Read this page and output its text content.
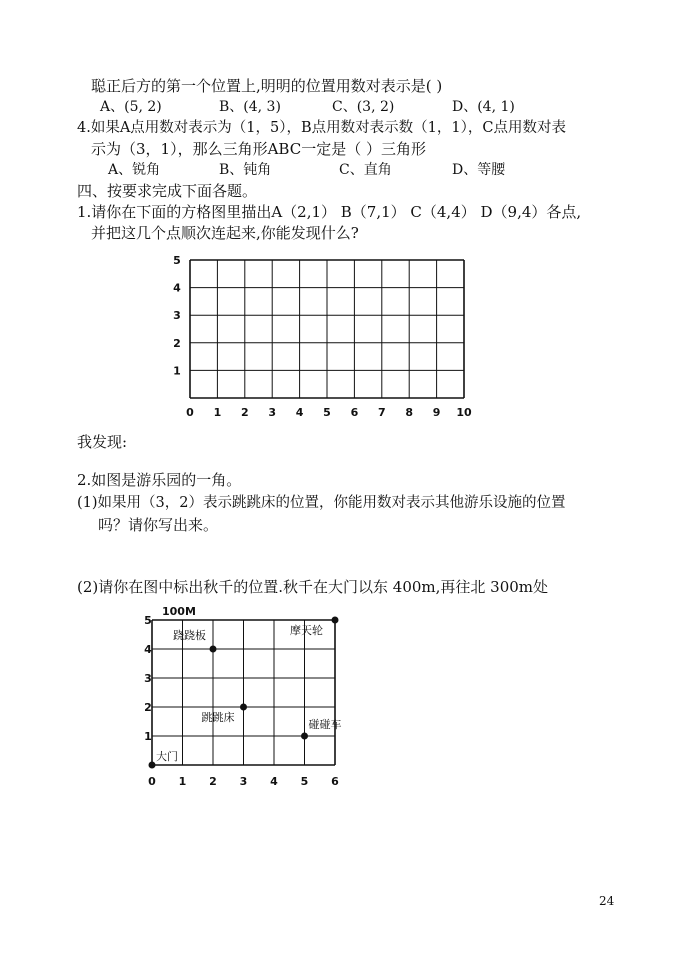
聪正后方的第一个位置上,明明的位置用数对表示是( )
A、(5, 2)	B、(4, 3)	C、(3, 2)	D、(4, 1)
4.如果A点用数对表示为（1，5），B点用数对表示数（1，1），C点用数对表
示为（3，1），那么三角形ABC一定是（ ）三角形
A、锐角	B、钝角	C、直角	D、等腰
四、按要求完成下面各题。
1.请你在下面的方格图里描出A（2,1） B（7,1） C（4,4） D（9,4）各点,
并把这几个点顺次连起来,你能发现什么?
0 1 2 3 4 5 6 7 8 9 10
1
2
3
4
5
我发现:
2.如图是游乐园的一角。
(1)如果用（3，2）表示跳跳床的位置，你能用数对表示其他游乐设施的位置
吗？请你写出来。
(2)请你在图中标出秋千的位置.秋千在大门以东 400m,再往北 300m处
100M
0 1 2 3 4 5 6
1
2
3
4
5
大门
跷跷板	摩天轮
跳跳床
碰碰车
24
